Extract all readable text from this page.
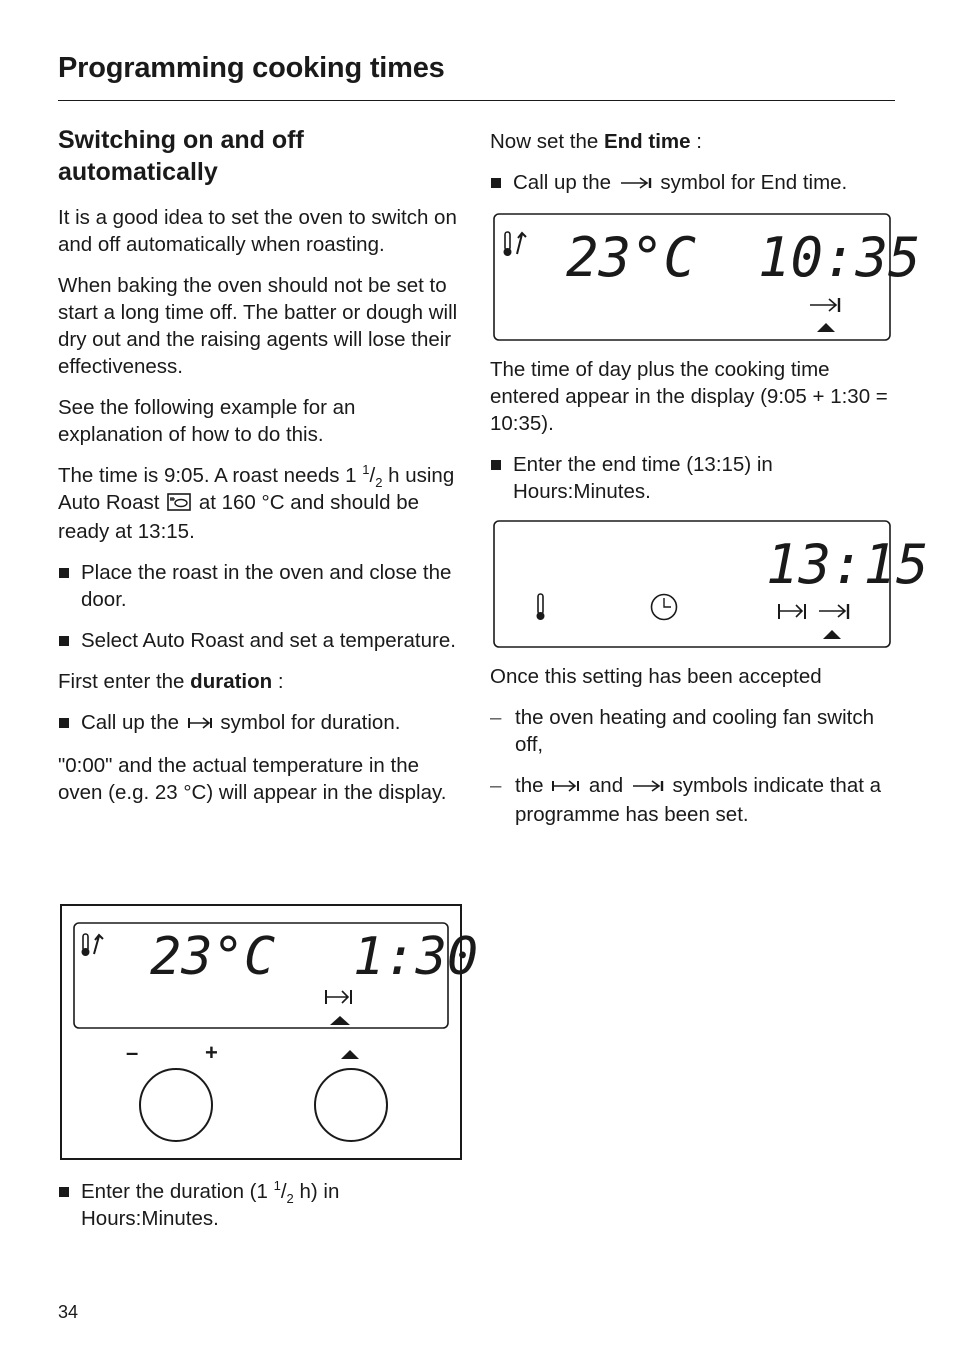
Programming cooking times
Switching on and off automatically

It is a good idea to set the oven to switch on and off automatically when roasting.

When baking the oven should not be set to start a long time off. The batter or dough will dry out and the raising agents will lose their effectiveness.

See the following example for an explanation of how to do this.

The time is 9:05. A roast needs 1 $^1/_2$ h using Auto Roast  at 160 °C and should be ready at 13:15.

Place the roast in the oven and close the door.

Select Auto Roast and set a temperature.

First enter the duration :

Call up the  symbol for duration.

"0:00" and the actual temperature in the oven (e.g. 23 °C) will appear in the display.

23°C 1:30
–	+

Enter the duration (1 $^1/_2$ h) in Hours:Minutes.

Now set the End time :

Call up the  symbol for End time.

23°C 10:35

The time of day plus the cooking time entered appear in the display (9:05 + 1:30 = 10:35).

Enter the end time (13:15) in Hours:Minutes.

13:15

Once this setting has been accepted

– the oven heating and cooling fan switch off,

– the  and  symbols indicate that a programme has been set.

34
